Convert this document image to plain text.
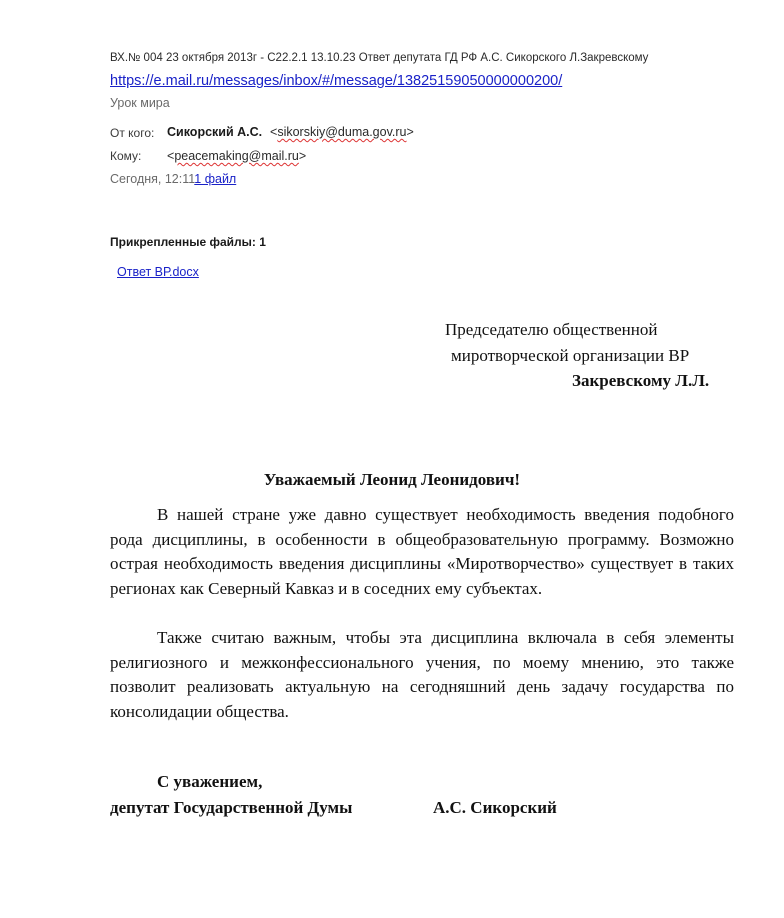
ВХ.№ 004 23 октября 2013г - С22.2.1 13.10.23 Ответ депутата ГД РФ А.С. Сикорского Л.Закревскому
https://e.mail.ru/messages/inbox/#/message/13825159050000000200/
Урок мира
От кого: Сикорский А.С. <sikorskiy@duma.gov.ru>
Кому: <peacemaking@mail.ru>
Сегодня, 12:111 файл
Прикрепленные файлы: 1
Ответ ВР.docx
Председателю общественной
миротворческой организации ВР
Закревскому Л.Л.
Уважаемый Леонид Леонидович!

В нашей стране уже давно существует необходимость введения подобного рода дисциплины, в особенности в общеобразовательную программу. Возможно острая необходимость введения дисциплины «Миротворчество» существует в таких регионах как Северный Кавказ и в соседних ему субъектах.

Также считаю важным, чтобы эта дисциплина включала в себя элементы религиозного и межконфессионального учения, по моему мнению, это также позволит реализовать актуальную на сегодняшний день задачу государства по консолидации общества.

С уважением,
депутат Государственной Думы	А.С. Сикорский
